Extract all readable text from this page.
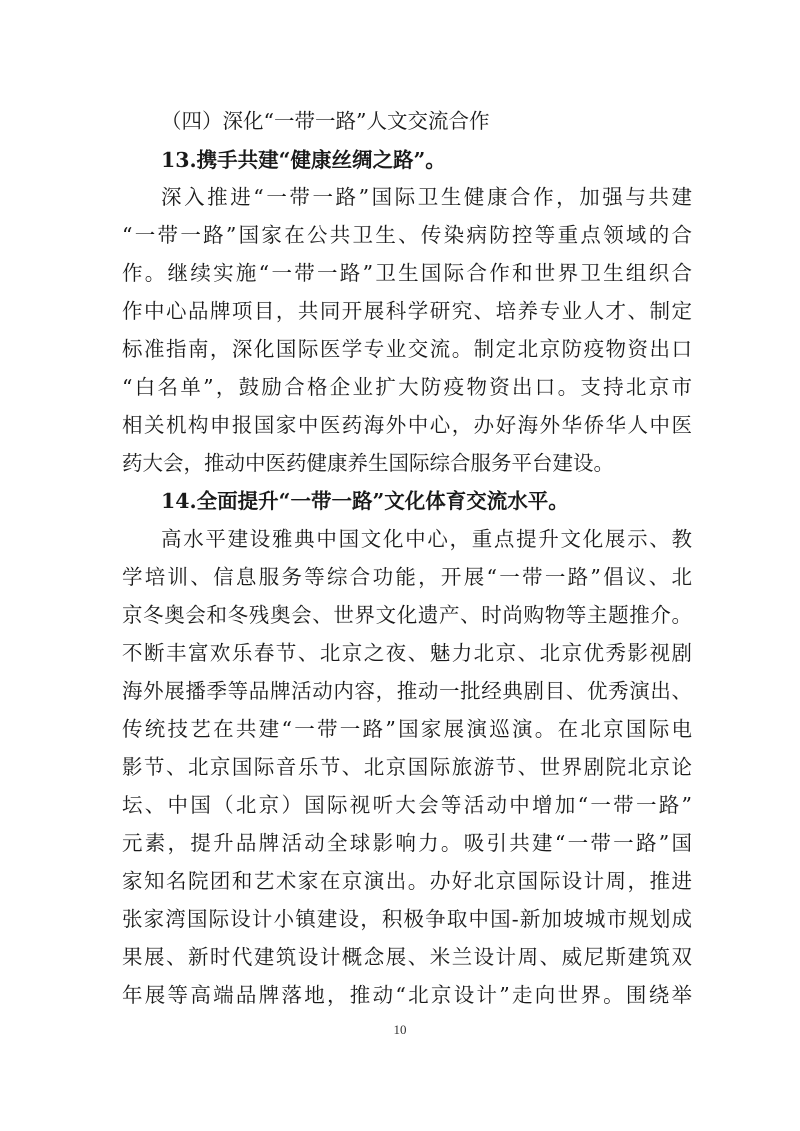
（四）深化“一带一路”人文交流合作
13.携手共建“健康丝绸之路”。
深入推进“一带一路”国际卫生健康合作，加强与共建
“一带一路”国家在公共卫生、传染病防控等重点领域的合
作。继续实施“一带一路”卫生国际合作和世界卫生组织合
作中心品牌项目，共同开展科学研究、培养专业人才、制定
标准指南，深化国际医学专业交流。制定北京防疫物资出口
“白名单”，鼓励合格企业扩大防疫物资出口。支持北京市
相关机构申报国家中医药海外中心，办好海外华侨华人中医
药大会，推动中医药健康养生国际综合服务平台建设。
14.全面提升“一带一路”文化体育交流水平。
高水平建设雅典中国文化中心，重点提升文化展示、教
学培训、信息服务等综合功能，开展“一带一路”倡议、北
京冬奥会和冬残奥会、世界文化遗产、时尚购物等主题推介。
不断丰富欢乐春节、北京之夜、魅力北京、北京优秀影视剧
海外展播季等品牌活动内容，推动一批经典剧目、优秀演出、
传统技艺在共建“一带一路”国家展演巡演。在北京国际电
影节、北京国际音乐节、北京国际旅游节、世界剧院北京论
坛、中国（北京）国际视听大会等活动中增加“一带一路”
元素，提升品牌活动全球影响力。吸引共建“一带一路”国
家知名院团和艺术家在京演出。办好北京国际设计周，推进
张家湾国际设计小镇建设，积极争取中国-新加坡城市规划成
果展、新时代建筑设计概念展、米兰设计周、威尼斯建筑双
年展等高端品牌落地，推动“北京设计”走向世界。围绕举
10
